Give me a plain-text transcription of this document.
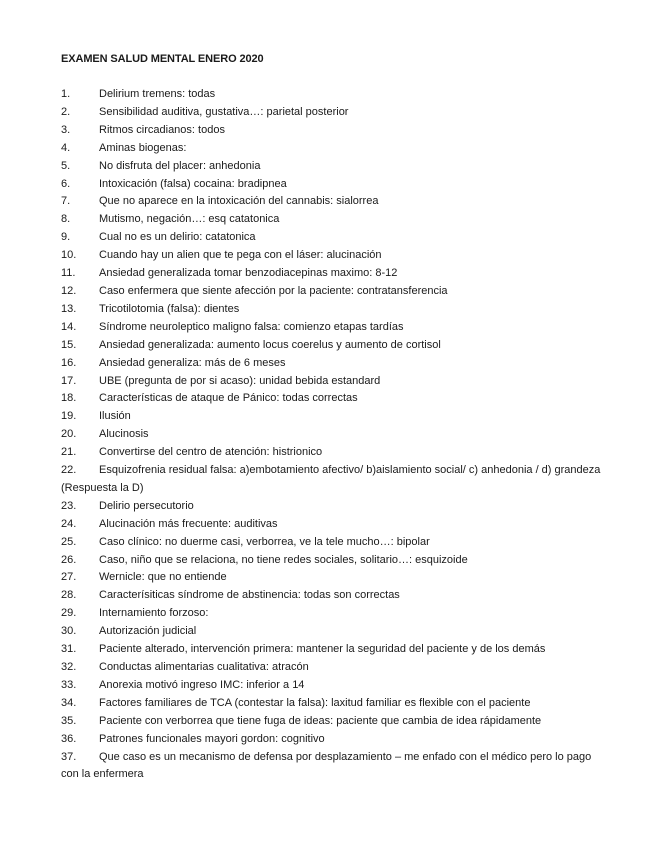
EXAMEN SALUD MENTAL ENERO 2020
1.	Delirium tremens: todas
2.	Sensibilidad auditiva, gustativa…: parietal posterior
3.	Ritmos circadianos: todos
4.	Aminas biogenas:
5.	No disfruta del placer: anhedonia
6.	Intoxicación (falsa) cocaina: bradipnea
7.	Que no aparece en la intoxicación del cannabis: sialorrea
8.	Mutismo, negación…: esq catatonica
9.	Cual no es un delirio: catatonica
10. Cuando hay un alien que te pega con el láser: alucinación
11. Ansiedad generalizada tomar benzodiacepinas maximo: 8-12
12. Caso enfermera que siente afección por la paciente: contratansferencia
13. Tricotilotomia (falsa): dientes
14. Síndrome neuroleptico maligno falsa: comienzo etapas tardías
15. Ansiedad generalizada: aumento locus coerelus y aumento de cortisol
16. Ansiedad generaliza: más de 6 meses
17. UBE (pregunta de por si acaso): unidad bebida estandard
18. Características de ataque de Pánico: todas correctas
19. Ilusión
20. Alucinosis
21. Convertirse del centro de atención: histrionico
22. Esquizofrenia residual falsa: a)embotamiento afectivo/ b)aislamiento social/ c) anhedonia / d) grandeza (Respuesta la D)
23. Delirio persecutorio
24. Alucinación más frecuente: auditivas
25. Caso clínico: no duerme casi, verborrea, ve la tele mucho…: bipolar
26. Caso, niño que se relaciona, no tiene redes sociales, solitario…: esquizoide
27. Wernicle: que no entiende
28. Caracterísiticas síndrome de abstinencia: todas son correctas
29. Internamiento forzoso:
30. Autorización judicial
31. Paciente alterado, intervención primera: mantener la seguridad del paciente y de los demás
32. Conductas alimentarias cualitativa: atracón
33. Anorexia motivó ingreso IMC: inferior a 14
34. Factores familiares de TCA (contestar la falsa): laxitud familiar es flexible con el paciente
35. Paciente con verborrea que tiene fuga de ideas: paciente que cambia de idea rápidamente
36. Patrones funcionales mayori gordon: cognitivo
37. Que caso es un mecanismo de defensa por desplazamiento – me enfado con el médico pero lo pago con la enfermera
